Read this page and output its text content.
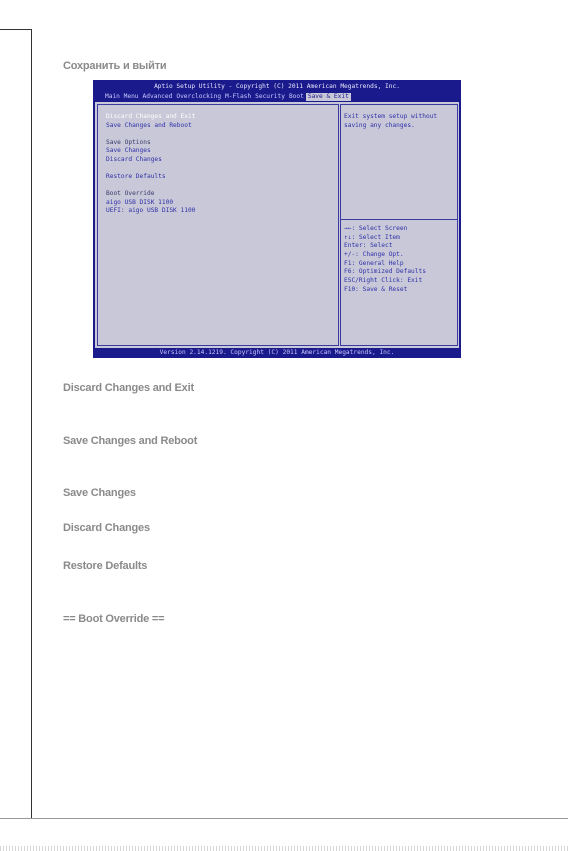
Сохранить и выйти
Aptio Setup Utility - Copyright (C) 2011 American Megatrends, Inc.
Main Menu Advanced Overclocking M-Flash Security Boot Save & Exit
Discard Changes and Exit
Save Changes and Reboot
Save Options
Save Changes
Discard Changes
Restore Defaults
Boot Override
aigo USB DISK 1100
UEFI: aigo USB DISK 1100
Exit system setup without
saving any changes.
→←: Select Screen
↑↓: Select Item
Enter: Select
+/-: Change Opt.
F1: General Help
F6: Optimized Defaults
ESC/Right Click: Exit
F10: Save & Reset
Version 2.14.1219. Copyright (C) 2011 American Megatrends, Inc.
Discard Changes and Exit
Save Changes and Reboot
Save Changes
Discard Changes
Restore Defaults
== Boot Override ==
